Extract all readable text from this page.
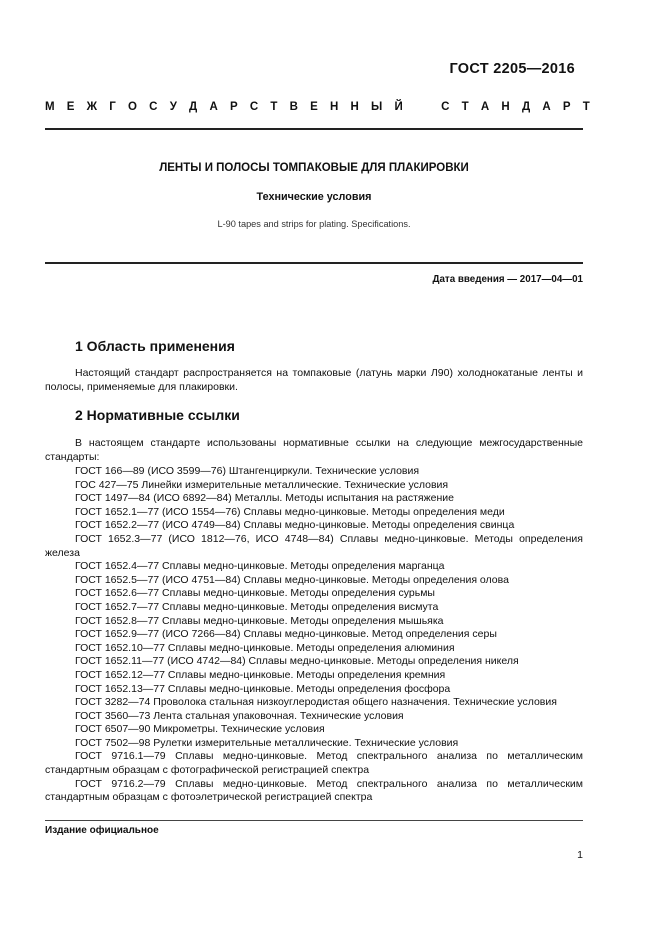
ГОСТ 2205—2016
М Е Ж Г О С У Д А Р С Т В Е Н Н Ы Й	С Т А Н Д А Р Т
ЛЕНТЫ И ПОЛОСЫ ТОМПАКОВЫЕ ДЛЯ ПЛАКИРОВКИ
Технические условия
L-90 tapes and strips for plating. Specifications.
Дата введения — 2017—04—01
1 Область применения
Настоящий стандарт распространяется на томпаковые (латунь марки Л90) холоднокатаные ленты и полосы, применяемые для плакировки.
2 Нормативные ссылки
В настоящем стандарте использованы нормативные ссылки на следующие межгосударственные стандарты:
ГОСТ 166—89 (ИСО 3599—76) Штангенциркули. Технические условия
ГОС 427—75 Линейки измерительные металлические. Технические условия
ГОСТ 1497—84 (ИСО 6892—84) Металлы. Методы испытания на растяжение
ГОСТ 1652.1—77 (ИСО 1554—76) Сплавы медно-цинковые. Методы определения меди
ГОСТ 1652.2—77 (ИСО 4749—84) Сплавы медно-цинковые. Методы определения свинца
ГОСТ 1652.3—77 (ИСО 1812—76, ИСО 4748—84) Сплавы медно-цинковые. Методы определения железа
ГОСТ 1652.4—77 Сплавы медно-цинковые. Методы определения марганца
ГОСТ 1652.5—77 (ИСО 4751—84) Сплавы медно-цинковые. Методы определения олова
ГОСТ 1652.6—77 Сплавы медно-цинковые. Методы определения сурьмы
ГОСТ 1652.7—77 Сплавы медно-цинковые. Методы определения висмута
ГОСТ 1652.8—77 Сплавы медно-цинковые. Методы определения мышьяка
ГОСТ 1652.9—77 (ИСО 7266—84) Сплавы медно-цинковые. Метод определения серы
ГОСТ 1652.10—77 Сплавы медно-цинковые. Методы определения алюминия
ГОСТ 1652.11—77 (ИСО 4742—84) Сплавы медно-цинковые. Методы определения никеля
ГОСТ 1652.12—77 Сплавы медно-цинковые. Методы определения кремния
ГОСТ 1652.13—77 Сплавы медно-цинковые. Методы определения фосфора
ГОСТ 3282—74 Проволока стальная низкоуглеродистая общего назначения. Технические условия
ГОСТ 3560—73 Лента стальная упаковочная. Технические условия
ГОСТ 6507—90 Микрометры. Технические условия
ГОСТ 7502—98 Рулетки измерительные металлические. Технические условия
ГОСТ 9716.1—79 Сплавы медно-цинковые. Метод спектрального анализа по металлическим стандартным образцам с фотографической регистрацией спектра
ГОСТ 9716.2—79 Сплавы медно-цинковые. Метод спектрального анализа по металлическим стандартным образцам с фотоэлетрической регистрацией спектра
Издание официальное
1
